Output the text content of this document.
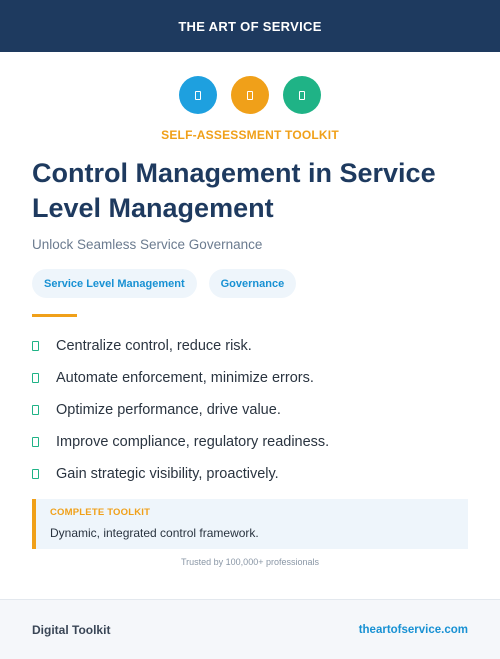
THE ART OF SERVICE
SELF-ASSESSMENT TOOLKIT
Control Management in Service Level Management
Unlock Seamless Service Governance
Service Level Management	Governance
Centralize control, reduce risk.
Automate enforcement, minimize errors.
Optimize performance, drive value.
Improve compliance, regulatory readiness.
Gain strategic visibility, proactively.
COMPLETE TOOLKIT
Dynamic, integrated control framework.
Trusted by 100,000+ professionals
Digital Toolkit	theartofservice.com
